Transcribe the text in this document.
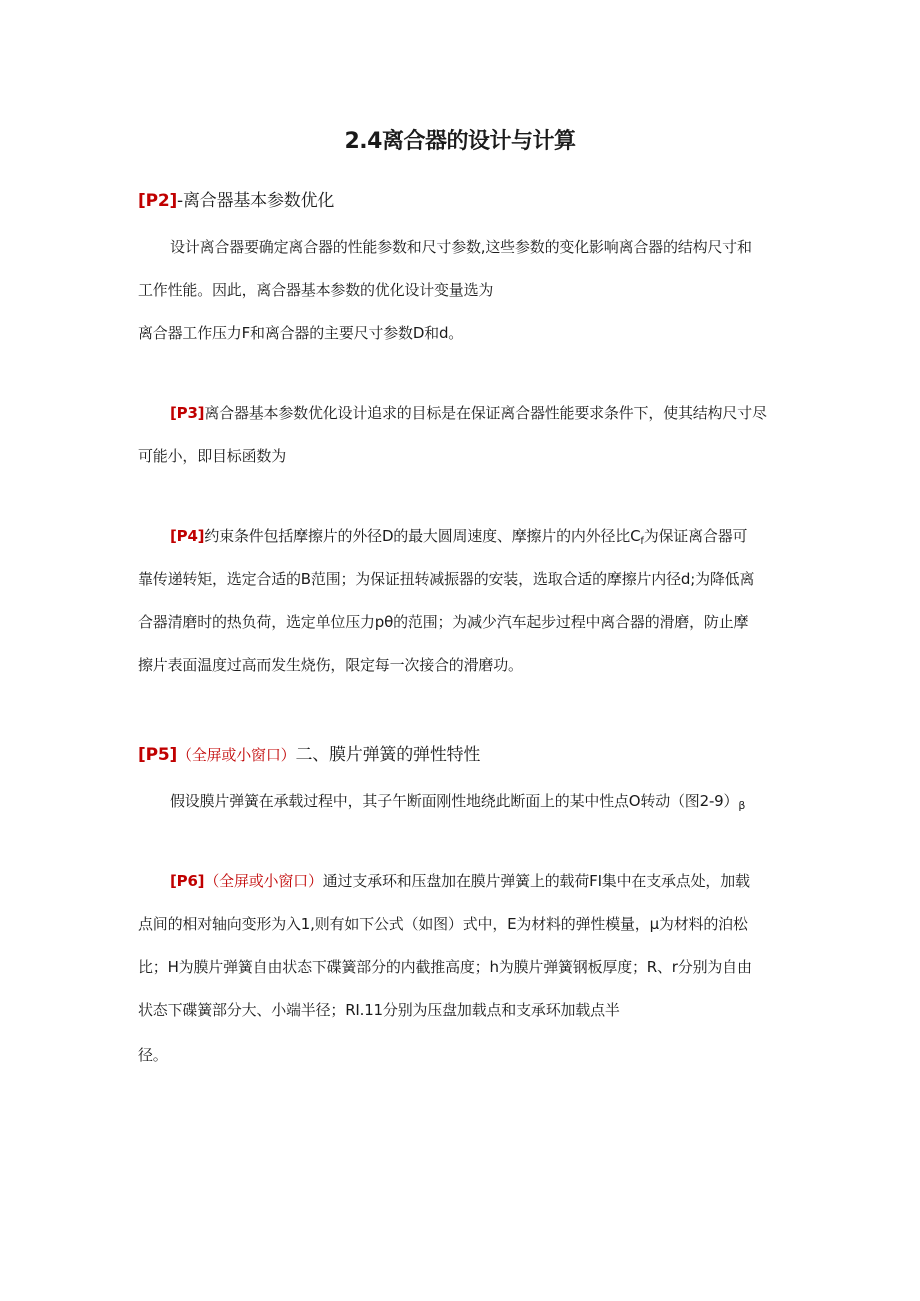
2.4离合器的设计与计算
[P2]-离合器基本参数优化
设计离合器要确定离合器的性能参数和尺寸参数,这些参数的变化影响离合器的结构尺寸和
工作性能。因此，离合器基本参数的优化设计变量选为
离合器工作压力F和离合器的主要尺寸参数D和d。
[P3]离合器基本参数优化设计追求的目标是在保证离合器性能要求条件下，使其结构尺寸尽
可能小，即目标函数为
[P4]约束条件包括摩擦片的外径D的最大圆周速度、摩擦片的内外径比$C_f$为保证离合器可
靠传递转矩，选定合适的B范围；为保证扭转减振器的安装，选取合适的摩擦片内径d;为降低离
合器清磨时的热负荷，选定单位压力pθ的范围；为减少汽车起步过程中离合器的滑磨，防止摩
擦片表面温度过高而发生烧伤，限定每一次接合的滑磨功。
[P5]（全屏或小窗口）二、膜片弹簧的弹性特性
假设膜片弹簧在承载过程中，其子午断面刚性地绕此断面上的某中性点O转动（图$2-9)_\beta$
[P6]（全屏或小窗口）通过支承环和压盘加在膜片弹簧上的载荷FI集中在支承点处，加载
点间的相对轴向变形为入1,则有如下公式（如图）式中，E为材料的弹性模量，μ为材料的泊松
比；H为膜片弹簧自由状态下碟簧部分的内截推高度；h为膜片弹簧钢板厚度；R、r分别为自由
状态下碟簧部分大、小端半径；RI.11分别为压盘加载点和支承环加载点半
径。
